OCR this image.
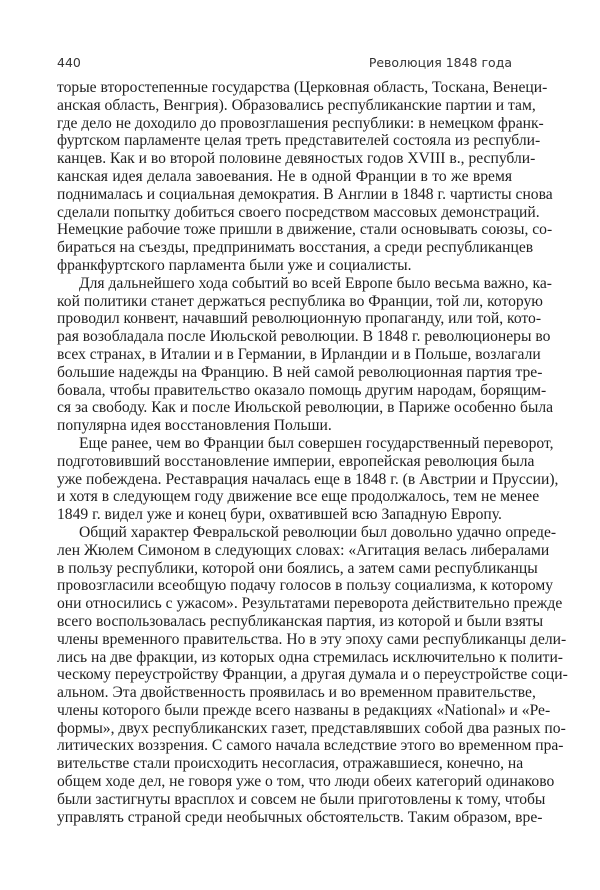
440	Революция 1848 года
торые второстепенные государства (Церковная область, Тоскана, Венеци-
анская область, Венгрия). Образовались республиканские партии и там,
где дело не доходило до провозглашения республики: в немецком франк-
фуртском парламенте целая треть представителей состояла из республи-
канцев. Как и во второй половине девяностых годов XVIII в., республи-
канская идея делала завоевания. Не в одной Франции в то же время
поднималась и социальная демократия. В Англии в 1848 г. чартисты снова
сделали попытку добиться своего посредством массовых демонстраций.
Немецкие рабочие тоже пришли в движение, стали основывать союзы, со-
бираться на съезды, предпринимать восстания, а среди республиканцев
франкфуртского парламента были уже и социалисты.
Для дальнейшего хода событий во всей Европе было весьма важно, ка-
кой политики станет держаться республика во Франции, той ли, которую
проводил конвент, начавший революционную пропаганду, или той, кото-
рая возобладала после Июльской революции. В 1848 г. революционеры во
всех странах, в Италии и в Германии, в Ирландии и в Польше, возлагали
большие надежды на Францию. В ней самой революционная партия тре-
бовала, чтобы правительство оказало помощь другим народам, борящим-
ся за свободу. Как и после Июльской революции, в Париже особенно была
популярна идея восстановления Польши.
Еще ранее, чем во Франции был совершен государственный переворот,
подготовивший восстановление империи, европейская революция была
уже побеждена. Реставрация началась еще в 1848 г. (в Австрии и Пруссии),
и хотя в следующем году движение все еще продолжалось, тем не менее
1849 г. видел уже и конец бури, охватившей всю Западную Европу.
Общий характер Февральской революции был довольно удачно опреде-
лен Жюлем Симоном в следующих словах: «Агитация велась либералами
в пользу республики, которой они боялись, а затем сами республиканцы
провозгласили всеобщую подачу голосов в пользу социализма, к которому
они относились с ужасом». Результатами переворота действительно прежде
всего воспользовалась республиканская партия, из которой и были взяты
члены временного правительства. Но в эту эпоху сами республиканцы дели-
лись на две фракции, из которых одна стремилась исключительно к полити-
ческому переустройству Франции, а другая думала и о переустройстве соци-
альном. Эта двойственность проявилась и во временном правительстве,
члены которого были прежде всего названы в редакциях «National» и «Ре-
формы», двух республиканских газет, представлявших собой два разных по-
литических воззрения. С самого начала вследствие этого во временном пра-
вительстве стали происходить несогласия, отражавшиеся, конечно, на
общем ходе дел, не говоря уже о том, что люди обеих категорий одинаково
были застигнуты врасплох и совсем не были приготовлены к тому, чтобы
управлять страной среди необычных обстоятельств. Таким образом, вре-
